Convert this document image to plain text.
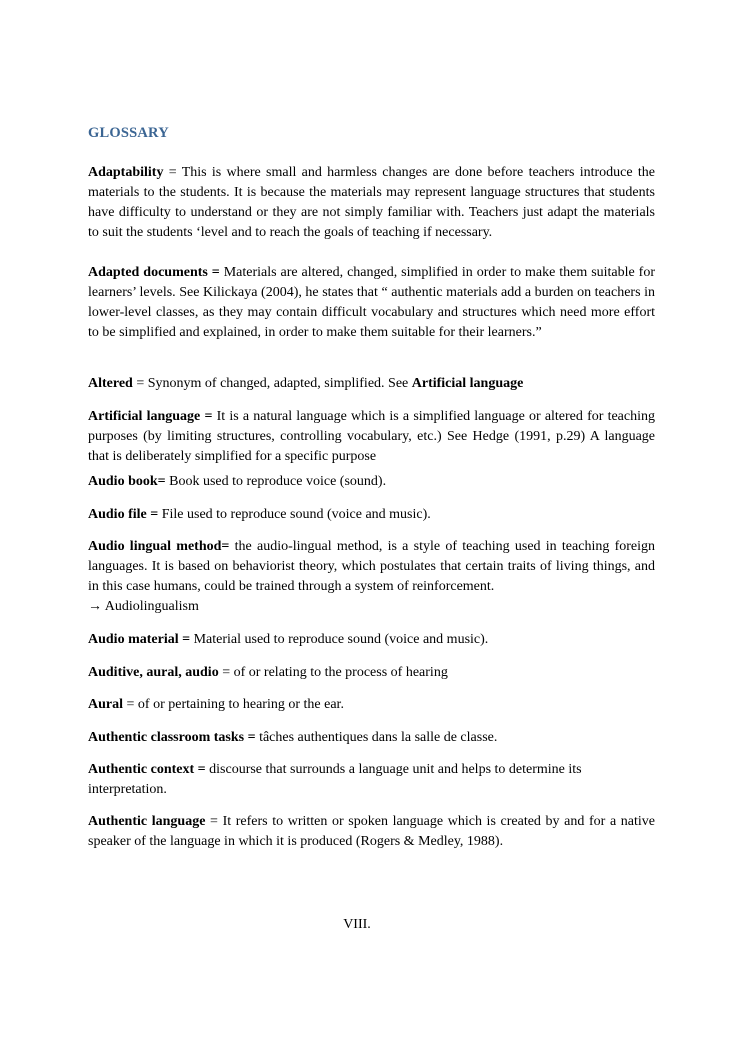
GLOSSARY
Adaptability = This is where small and harmless changes are done before teachers introduce the materials to the students. It is because the materials may represent language structures that students have difficulty to understand or they are not simply familiar with. Teachers just adapt the materials to suit the students ‘level and to reach the goals of teaching if necessary.
Adapted documents = Materials are altered, changed, simplified in order to make them suitable for learners’ levels. See Kilickaya (2004), he states that “ authentic materials add a burden on teachers in lower-level classes, as they may contain difficult vocabulary and structures which need more effort to be simplified and explained, in order to make them suitable for their learners.”
Altered = Synonym of changed, adapted, simplified. See Artificial language
Artificial language = It is a natural language which is a simplified language or altered for teaching purposes (by limiting structures, controlling vocabulary, etc.) See Hedge (1991, p.29) A language that is deliberately simplified for a specific purpose
Audio book= Book used to reproduce voice (sound).
Audio file = File used to reproduce sound (voice and music).
Audio lingual method= the audio-lingual method, is a style of teaching used in teaching foreign languages. It is based on behaviorist theory, which postulates that certain traits of living things, and in this case humans, could be trained through a system of reinforcement.
→ Audiolingualism
Audio material = Material used to reproduce sound (voice and music).
Auditive, aural, audio = of or relating to the process of hearing
Aural = of or pertaining to hearing or the ear.
Authentic classroom tasks = tâches authentiques dans la salle de classe.
Authentic context = discourse that surrounds a language unit and helps to determine its interpretation.
Authentic language = It refers to written or spoken language which is created by and for a native speaker of the language in which it is produced (Rogers & Medley, 1988).
VIII.
